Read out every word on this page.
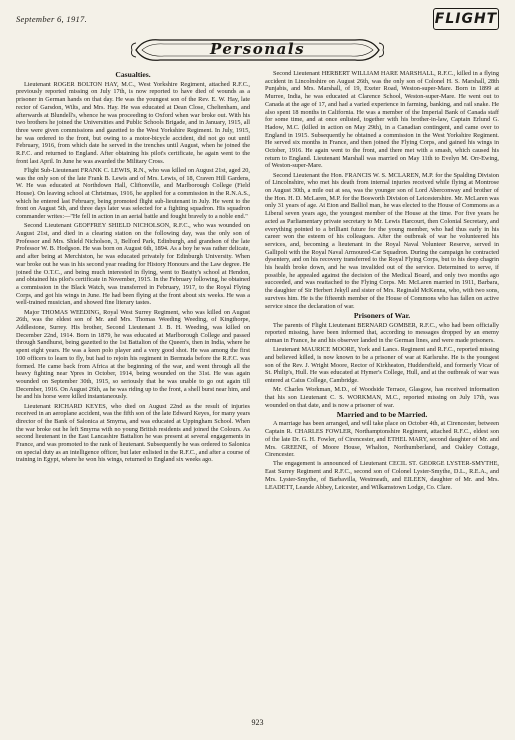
September 6, 1917.	FLIGHT
Personals
Casualties.

Lieutenant ROGER BOLTON HAY, M.C., West Yorkshire Regiment, attached R.F.C., previously reported missing on July 17th, is now reported to have died of wounds as a prisoner in German hands on that day. He was the youngest son of the Rev. E. W. Hay, late rector of Garsdon, Wilts, and Mrs. Hay. He was educated at Dean Close, Cheltenham, and afterwards at Blundell's, whence he was proceeding to Oxford when war broke out. With his two brothers he joined the Universities and Public Schools Brigade, and in January, 1915, all three were given commissions and gazetted to the West Yorkshire Regiment. In July, 1915, he was ordered to the front, but owing to a motor-bicycle accident, did not go out until February, 1916, from which date he served in the trenches until August, when he joined the R.F.C. and returned to England. After obtaining his pilot's certificate, he again went to the front last April. In June he was awarded the Military Cross.

Flight Sub-Lieutenant FRANK C. LEWIS, R.N., who was killed on August 21st, aged 20, was the only son of the late Frank B. Lewis and of Mrs. Lewis, of 18, Craven Hill Gardens, W. He was educated at Northdown Hall, Cliftonville, and Marlborough College (Field House). On leaving school at Christmas, 1916, he applied for a commission in the R.N.A.S., which he entered last February, being promoted flight sub-lieutenant in July. He went to the front on August 5th, and three days later was selected for a fighting squadron. His squadron commander writes:—"He fell in action in an aerial battle and fought bravely to a noble end."

Second Lieutenant GEOFFREY SHIELD NICHOLSON, R.F.C., who was wounded on August 21st, and died in a clearing station on the following day, was the only son of Professor and Mrs. Shield Nicholson, 3, Belford Park, Edinburgh, and grandson of the late Professor W. B. Hodgson. He was born on August 6th, 1894. As a boy he was rather delicate, and after being at Merchiston, he was educated privately for Edinburgh University. When war broke out he was in his second year reading for History Honours and the Law degree. He joined the O.T.C., and being much interested in flying, went to Beatty's school at Hendon, and obtained his pilot's certificate in November, 1915. In the February following, he obtained a commission in the Black Watch, was transferred in February, 1917, to the Royal Flying Corps, and got his wings in June. He had been flying at the front about six weeks. He was a well-trained musician, and showed fine literary tastes.

Major THOMAS WEEDING, Royal West Surrey Regiment, who was killed on August 26th, was the eldest son of Mr. and Mrs. Thomas Weeding Weeding, of Kingthorpe, Addlestone, Surrey. His brother, Second Lieutenant J. B. H. Weeding, was killed on December 22nd, 1914. Born in 1879, he was educated at Marlborough College and passed through Sandhurst, being gazetted to the 1st Battalion of the Queen's, then in India, where he spent eight years. He was a keen polo player and a very good shot. He was among the first 100 officers to learn to fly, but had to rejoin his regiment in Bermuda before the R.F.C. was formed. He came back from Africa at the beginning of the war, and went through all the heavy fighting near Ypres in October, 1914, being wounded on the 31st. He was again wounded on September 30th, 1915, so seriously that he was unable to go out again till December, 1916. On August 26th, as he was riding up to the front, a shell burst near him, and he and his horse were killed instantaneously.

Lieutenant RICHARD KEYES, who died on August 22nd as the result of injuries received in an aeroplane accident, was the fifth son of the late Edward Keyes, for many years director of the Bank of Salonica at Smyrna, and was educated at Uppingham School. When the war broke out he left Smyrna with no young British residents and joined the Colours. As second lieutenant in the East Lancashire Battalion he was present at several engagements in France, and was promoted to the rank of lieutenant. Subsequently he was ordered to Salonica on special duty as an intelligence officer, but later enlisted in the R.F.C., and after a course of training in Egypt, where he won his wings, returned to England six weeks ago.

Second Lieutenant HERBERT WILLIAM HARE MARSHALL, R.F.C., killed in a flying accident in Lincolnshire on August 26th, was the only son of Colonel H. S. Marshall, 28th Punjabis, and Mrs. Marshall, of 19, Exeter Road, Weston-super-Mare. Born in 1899 at Murree, India, he was educated at Clarence School, Weston-super-Mare. He went out to Canada at the age of 17, and had a varied experience in farming, banking, and rail snake. He also spent 18 months in California. He was a member of the Imperial Bank of Canada staff for some time, and at once enlisted, together with his brother-in-law, Captain Erlund G. Hadow, M.C. (killed in action on May 29th), in a Canadian contingent, and came over to England in 1915. Subsequently he obtained a commission in the West Yorkshire Regiment. He served six months in France, and then joined the Flying Corps, and gained his wings in October, 1916. He again went to the front, and there met with a smash, which caused his return to England. Lieutenant Marshall was married on May 11th to Evelyn M. Orr-Ewing, of Weston-super-Mare.

Second Lieutenant the Hon. FRANCIS W. S. MCLAREN, M.P. for the Spalding Division of Lincolnshire, who met his death from internal injuries received while flying at Montrose on August 30th, a mile out at sea, was the younger son of Lord Aberconway and brother of the Hon. H. D. McLaren, M.P. for the Bosworth Division of Leicestershire. Mr. McLaren was only 31 years of age. At Eton and Balliol man, he was elected to the House of Commons as a Liberal seven years ago, the youngest member of the House at the time. For five years he acted as Parliamentary private secretary to Mr. Lewis Harcourt, then Colonial Secretary, and everything pointed to a brilliant future for the young member, who had thus early in his career won the esteem of his colleagues. After the outbreak of war he volunteered his services, and, becoming a lieutenant in the Royal Naval Volunteer Reserve, served in Gallipoli with the Royal Naval Armoured-Car Squadron. During the campaign he contracted dysentery, and on his recovery transferred to the Royal Flying Corps, but to his deep chagrin his health broke down, and he was invalided out of the service. Determined to serve, if possible, he appealed against the decision of the Medical Board, and only two months ago succeeded, and was reattached to the Flying Corps. Mr. McLaren married in 1911, Barbara, the daughter of Sir Herbert Jekyll and sister of Mrs. Reginald McKenna, who, with two sons, survives him. He is the fifteenth member of the House of Commons who has fallen on active service since the declaration of war.

Prisoners of War.

The parents of Flight Lieutenant BERNARD GOMBER, R.F.C., who had been officially reported missing, have been informed that, according to messages dropped by an enemy airman in France, he and his observer landed in the German lines, and were made prisoners.

Lieutenant MAURICE MOORE, York and Lancs. Regiment and R.F.C., reported missing and believed killed, is now known to be a prisoner of war at Karlsruhe. He is the youngest son of the Rev. J. Wright Moore, Rector of Kirkheaton, Huddersfield, and formerly Vicar of St. Philip's, Hull. He was educated at Hymer's College, Hull, and at the outbreak of war was entered at Caius College, Cambridge.

Mr. Charles Workman, M.D., of Woodside Terrace, Glasgow, has received information that his son Lieutenant C. S. WORKMAN, M.C., reported missing on July 17th, was wounded on that date, and is now a prisoner of war.

Married and to be Married.

A marriage has been arranged, and will take place on October 4th, at Cirencester, between Captain R. CHARLES FOWLER, Northamptonshire Regiment, attached R.F.C., eldest son of the late Dr. G. H. Fowler, of Cirencester, and ETHEL MARY, second daughter of Mr. and Mrs. GREENE, of Moore House, Whalton, Northumberland, and Oakley Cottage, Cirencester.

The engagement is announced of Lieutenant CECIL ST. GEORGE LYSTER-SMYTHE, East Surrey Regiment and R.F.C., second son of Colonel Lyster-Smythe, D.L., R.E.A., and Mrs. Lyster-Smythe, of Barbavilla, Westmeath, and EILEEN, daughter of Mr. and Mrs. LEADETT, Leande Abbey, Leicester, and Wilkamstown Lodge, Co. Clare.

923
